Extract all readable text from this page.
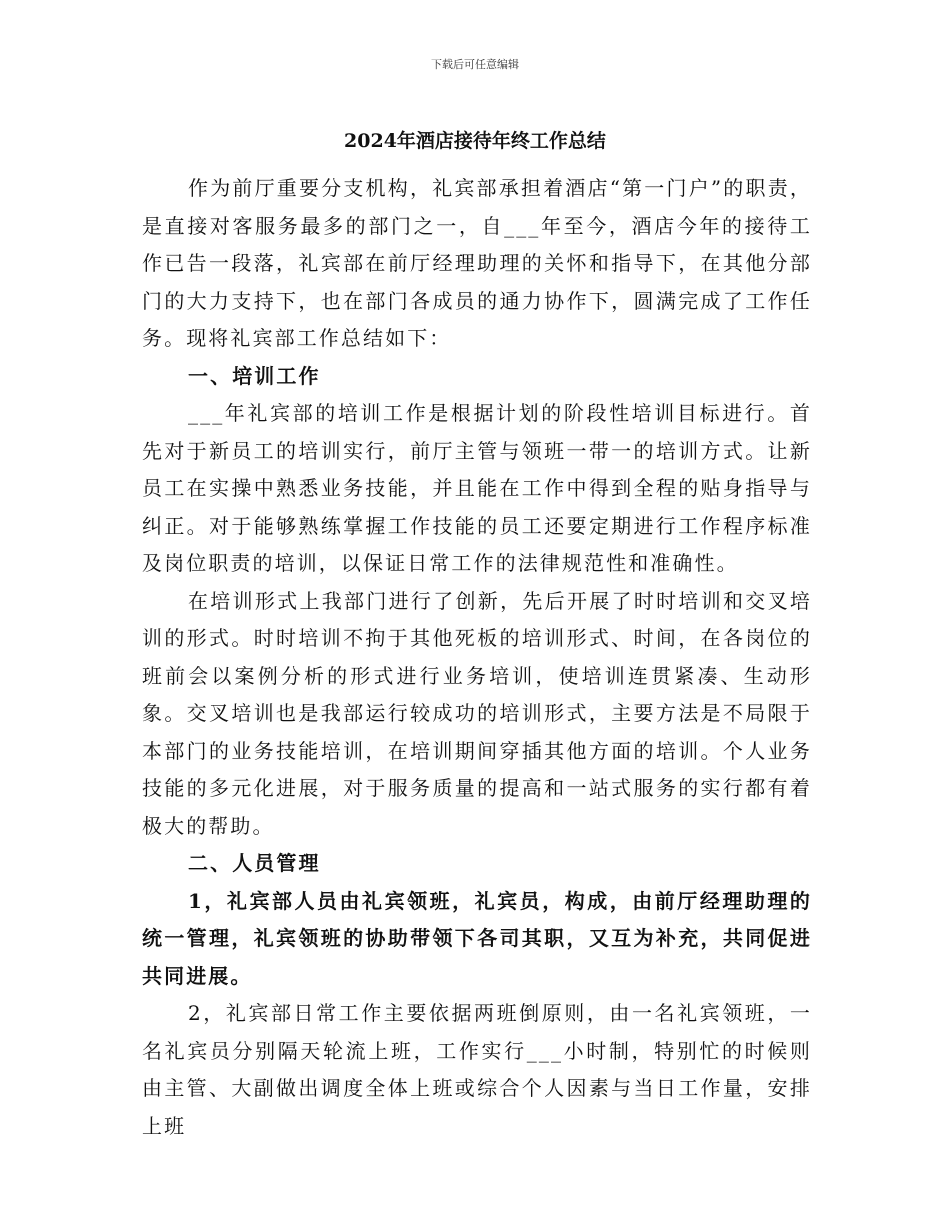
下载后可任意编辑
2024年酒店接待年终工作总结

作为前厅重要分支机构，礼宾部承担着酒店“第一门户”的职责，是直接对客服务最多的部门之一，自___年至今，酒店今年的接待工作已告一段落，礼宾部在前厅经理助理的关怀和指导下，在其他分部门的大力支持下，也在部门各成员的通力协作下，圆满完成了工作任务。现将礼宾部工作总结如下：

一、培训工作

___年礼宾部的培训工作是根据计划的阶段性培训目标进行。首先对于新员工的培训实行，前厅主管与领班一带一的培训方式。让新员工在实操中熟悉业务技能，并且能在工作中得到全程的贴身指导与纠正。对于能够熟练掌握工作技能的员工还要定期进行工作程序标准及岗位职责的培训，以保证日常工作的法律规范性和准确性。

在培训形式上我部门进行了创新，先后开展了时时培训和交叉培训的形式。时时培训不拘于其他死板的培训形式、时间，在各岗位的班前会以案例分析的形式进行业务培训，使培训连贯紧凑、生动形象。交叉培训也是我部运行较成功的培训形式，主要方法是不局限于本部门的业务技能培训，在培训期间穿插其他方面的培训。个人业务技能的多元化进展，对于服务质量的提高和一站式服务的实行都有着极大的帮助。

二、人员管理

1，礼宾部人员由礼宾领班，礼宾员，构成，由前厅经理助理的统一管理，礼宾领班的协助带领下各司其职，又互为补充，共同促进共同进展。

2，礼宾部日常工作主要依据两班倒原则，由一名礼宾领班，一名礼宾员分别隔天轮流上班，工作实行___小时制，特别忙的时候则由主管、大副做出调度全体上班或综合个人因素与当日工作量，安排上班
